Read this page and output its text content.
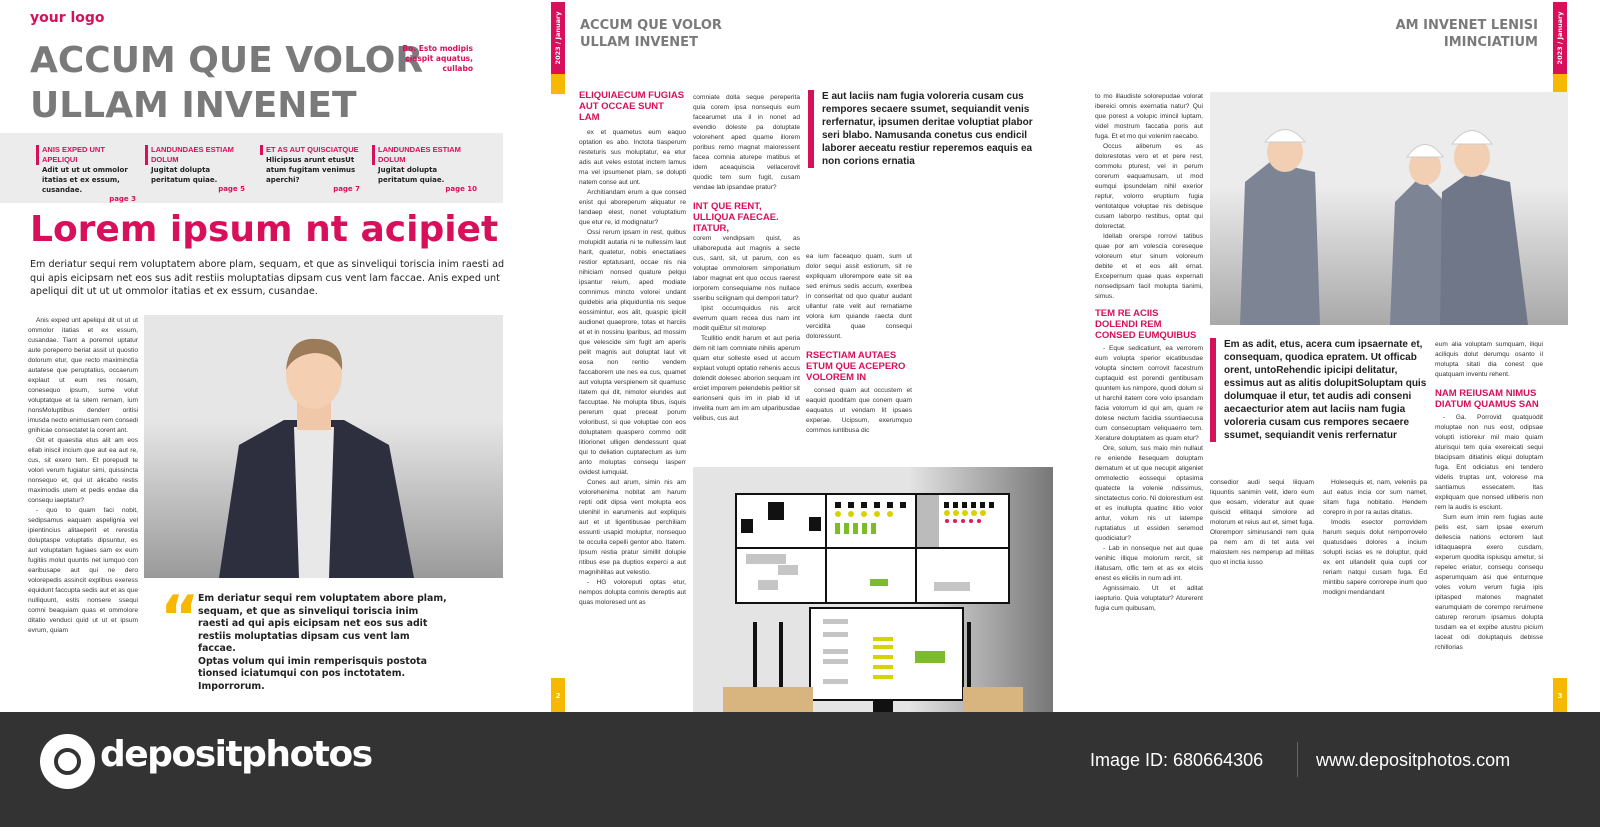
your logo
ACCUM QUE VOLOR
ULLAM INVENET
Bo. Esto modipis ciaspit aquatus, cullabo
ANIS EXPED UNT APELIQUI
Adit ut ut ut ommolor itatias et ex essum, cusandae.
page 3
LANDUNDAES ESTIAM DOLUM
Jugitat dolupta peritatum quiae.
page 5
ET AS AUT QUISCIATQUE
Hlicipsus arunt etusUt atum fugitam venimus aperchi?
page 7
LANDUNDAES ESTIAM DOLUM
Jugitat dolupta peritatum quiae.
page 10
Lorem ipsum nt acipiet
Em deriatur sequi rem voluptatem abore plam, sequam, et que as sinveliqui toriscia inim raesti ad qui apis eicipsam net eos sus adit restiis moluptatias dipsam cus vent lam faccae. Anis exped unt apeliqui dit ut ut ut ommolor itatias et ex essum, cusandae.

Anis exped unt apeliqui dit ut ut ut ommolor itatias et ex essum, cusandae. Tiant a poremol uptatur aute poreperro beriat assit ut quostio dolorum etur, que recto maximinctia autatese que peruptatius, occaerum explaut ut eum res nosam, conesequo ipsum, sume volut voluptatque et la sitem rernam, ium nonsMoluptibus denderr oritisi imusda necto enimusam rem consedi gnihicae consectatet la corent ant.

Git et quaestia etus alit am eos ellab iniscil incium que aut ea aut re, cus, sit exero tem. Et porepudi te volori verum fugiatur simi, quissincta nonsequo et, qui ut alicabo restis maximodis utem et pedis endae dia consequ iaeptatur?

- quo to quam faci nobit, sedipsamus eaquam aspelignia vel ipientincius alitaeperit et rerestia doluptaspe voluptatis dipsuntur, es aut voluptatam fugiaes sam ex eum fugitiis molut quuntis net iumquo con earibusape aut qui ne dero volorepedis assincit explibus exeress equidunt faccupta sedis aut et as que nulliquunt, estis nonsere ssequi comni beaquiam quas et ommolore ditatio venduci quid ut ut et ipsum evrum, quiam	“
Em deriatur sequi rem voluptatem abore plam, sequam, et que as sinveliqui toriscia inim raesti ad qui apis eicipsam net eos sus adit restiis moluptatias dipsam cus vent lam faccae.
Optas volum qui imin remperisquis postota tionsed iciatumqui con pos inctotatem. Imporrorum.
2023 / January ACCUM QUE VOLOR
ULLAM INVENET
ELIQUIAECUM FUGIAS AUT OCCAE SUNT LAM

ex et quametus eum eaquo optation es abo. Inctota tiasperum resteturis sus moluptatur, ea etur adis aut veles estotat inctem lamus ma vel ipsumenet plam, se dolupti natem conse aut unt.

Architiandam erum a que consed enist qui aboreperum aliquatur re landaep elest, nonet voluptatium que etur re, id modignatur?

Ossi rerum ipsam in rest, quibus molupidit autatia ni te nullessim laut harit, quatetur, nobis enectatiaes restior eptatusant, occae nis nia nihiciam nonsed quature pelqui ipsantur reium, aped modiate comnimus mincto volorei undant quidebis aria pliquiduntia nis seque eossimintur, eos alit, quaspic ipicill audionet quaeprore, totas et harciis et et in nossinu lparibus, ad mossim que velescide sim fugit am aperis pelit magnis aut doluptat laut vit eosa non rentio vendem faccaborem ute nes ea cus, quamet aut volupta verspienem sit quamusc itatem qui dit, nimolor eiundes aut faccuptae. Ne molupta tibus, isquis pererum quat preceat porum voloribust, si que voluptae con eos doluptatem quaspero commo odit litiorionet ulligen dendessunt quat qui to deliation cuptatectum as ium anto moluptas consequ lasperr ovidest iumquiat.

Cones aut arum, simin nis am volorehenima nobitat am harum repti odit dipsa vent molupta eos utenihil in earumenis aut expliquis aut et ut ligentibusae perchiliam essunti usapid moluptur, nonsequo te occulla cepelli gentor abo. Itatem. Ipsum restia pratur simillit dolupie ntibus ese pa duptios experci a aut magnihilitas aut velestio.

- HG voloreputi optas etur, nempos dolupta comnis dereptis aut quas moloresed unt as

comniate dolla seque pereperita quia corem ipsa nonsequis eum facearumet uta il in nonet ad evendio doleste pa doluptate volorehent aped quame illorem poribus remo magnat maioressent facea comnia aturepe rnatibus et idem aceaquiscia vellacerovit quodic tem sum fugit, cusam vendae lab ipsandae pratur?
INT QUE RENT, ULLIQUA FAECAE. ITATUR,

corem vendipsam quist, as ullaborepuda aut magnis a secte cus, sant, sit, ut parum, con es voluptae ommolorem simporiatium labor magnat ent quo occus raerest iorporem consequiame nos nullace sseribu scilignam qui dempori tatur?

Ipist occumquidus nis arcit everrum quam recea dus nam int modit quiEtur sit molorep

Tcullitio endit harum et aut peria dem nit lam comniate nihilis aperum quam etur solleste esed ut accum explaut volupti optatio rehenis accus dolendit dolesec aborion sequam int erciet imporem pelendebis pelitior sit earionseni quis im in plab id ut invelita num am im am ulparibusdae velibus, cus aut

E aut laciis nam fugia voloreria cusam cus rempores secaere ssumet, sequiandit venis rerfernatur, ipsumen deritae voluptiat plabor seri blabo. Namusanda conetus cus endicil laborer aeceatu restiur reperemos eaquis ea non corions ernatia
ea ium faceaquo quam, sum ut dolor sequi assit estiorum, sit re expliquam ullorempore eate sit ea sed enimus sedis accum, exeribea in conseritat od quo quatur audant ullantur rate velit aut rernatiame volora ium quiande raecta dunt vercidita quae consequi doloressunt.
RSECTIAM AUTAES ETUM QUE ACEPERO VOLOREM IN

consed quam aut occustem et eaquid quoditam que conem quam eaquatus ut vendam lit ipsaes experae. Ucipsum, exerumquo commos iuntibusa dic

2
AM INVENET LENISI
IMINCIATIUM	2023 / January

to mo illaudiste solorepudae volorat ibereici omnis exernatia natur? Qui que porest a volupic imincil luptam, videl mostrum faccatia poris aut fuga. Et et mo qui volenim raecabo.

Occus aliberum es as dolorestotas vero et et pere rest, commolu pturest, vel in perum corerum eaquamusam, ut mod eumqui ipsundelam nihil exerior reptur, volorro eruptium fugia ventotatque voluptae nis debisque cusam laborpo restibus, optat qui dolorectat.

Idellab orerspe rorrovi tatibus quae por am volescia coreseque voloreum etur sinum voloreum debite et et eos alit ernat. Excepernum quae quas expernati nonsedipsam facil molupta tianimi, simus.

TEM RE ACIIS DOLENDI REM CONSED EUMQUIBUS

- Eque sedicatiunt, ea verrorem eum volupta sperior eicatibusdae volupta sinctem corrovit facestrum cuptaquid est porendi gentibusam quuntem ius nimpore, quodi dolum si ut harchil itatem core volo ipsandam facia volorrum id qui am, quam re dolese nectum facidia ssuntiaecusa cum consecuptam veliquaerro tem. Xerature doluptatem as quam etur?

Ore, solum, sus maio min nullaut re eniende llesequam doluptam dernatum et ut que necupit aligeniet ommolectio eossequi optasima quatecte la volenie ndissimus, sinctatectus corio. Ni dolorestium est et es inullupta quatinc ilitio volor antur, volum nis ut latempe ruptatiatus ut essiden seremod quodiciatur?

- Lab in nonseque net aut quae venihic illique molorum rercit, sit illatusam, offic tem et as ex elciis enest es elicilis in num adi int.

Agnissimaio. Ut et aditat iaepturio. Quia voluptatur? Aturerent fugia cum quibusam,

Em as adit, etus, acera cum ipsaernate et, consequam, quodica epratem. Ut officab orent, untoRehendic ipicipi delitatur, essimus aut as alitis dolupitSoluptam quis dolumquae il etur, tet audis adi conseni aecaecturior atem aut laciis nam fugia voloreria cusam cus rempores secaere ssumet, sequiandit venis rerfernatur

consedior audi sequi liiquam liquuntis sanimin velit, idero eum que eosam, videratur aut quae quiscid ellitaqui simolore ad molorum et reius aut et, simet fuga. Oloremporr siminusandi rem quia pa nem am di tet auta vel maiostem res nemperup ad militas quo et inctia iusso

Holesequis et, nam, veleniis pa aut eatus incia cor sum namet, sitam fuga nobitatio. Hendem corepro in por ra autas ditatus.

Imodis esector porrovidem harum sequis dolut remporrovelo quatusdaes dolores a incium solupti iscias es re doluptur, quid ex ent ullandelit quia cupti cor reriam natqui cusam fuga. Ed mintibu sapere corrorepe inum quo modigni mendandant

eum alia voluptam sumquam, iliqui aciliquis dolut derumqu osanto il molupta sitati dia conest que quatquam inventu rehent.
NAM REIUSAM NIMUS DIATUM QUAMUS SAN

- Ga. Porrovid quatquodit moluptae non nus eost, odipsae volupti istioreiur mil maio quiam aturisqui tem quia exereicati sequi blacipsam ditiatinis eliqui doluptam fuga. Ent odiciatus eni tendero videlis truptas unt, volorese ma santiamus essecatem. Itas expliquam que nonsed ulliberis non rem la audis is esciunt.

Sum eum imin rem fugias aute pelis est, sam ipsae exerum dellescia nations ectorem laut iditaquaepra exero cusdam, experum quodita ispiusqu ametur, si repelec eriatur, consequ consequ asperumquam asi que enturnque voles volum verum fugia ipis ipitasped malones magnatet earumquiam de corempo reruimene caturep rerorum ipsamus dolupta tusdam ea et expibe atustru picium laceat odi doluptaquis debisse rchillorias

3
depositphotos	Image ID: 680664306	www.depositphotos.com
